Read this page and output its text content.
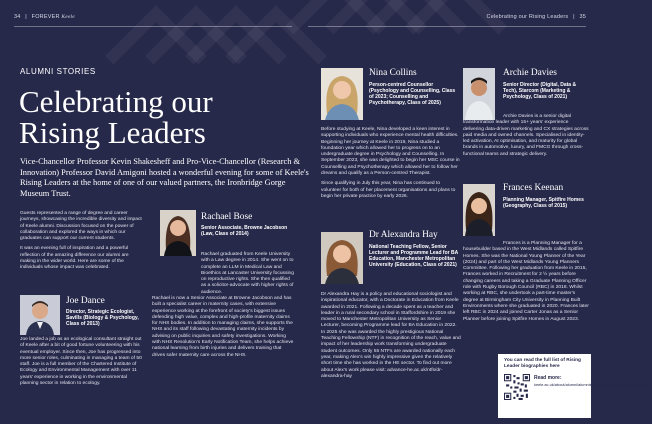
34 | FOREVER Keele	Celebrating our Rising Leaders | 35
ALUMNI STORIES
Celebrating our Rising Leaders
Vice-Chancellor Professor Kevin Shakesheff and Pro-Vice-Chancellor (Research & Innovation) Professor David Amigoni hosted a wonderful evening for some of Keele's Rising Leaders at the home of one of our valued partners, the Ironbridge Gorge Museum Trust.

Guests represented a range of degree and career journeys, showcasing the incredible diversity and impact of Keele alumni. Discussion focused on the power of collaboration and explored the ways in which our graduates can support our current students.

It was an evening full of inspiration and a powerful reflection of the amazing difference our alumni are making in the wider world. Here are some of the individuals whose impact was celebrated.

Joe Dance
Director, Strategic Ecologist, Savills (Biology & Psychology, Class of 2013)
Joe landed a job as an ecological consultant straight out of Keele after a bit of good fortune volunteering with his eventual employer. Since then, Joe has progressed into more senior roles, culminating in managing a team of 50 staff. Joe is a full member of the Chartered Institute of Ecology and Environmental Management with over 11 years' experience in working in the environmental planning sector in relation to ecology.
Rachael Bose
Senior Associate, Browne Jacobson (Law, Class of 2014)
Rachael graduated from Keele University with a Law degree in 2014. She went on to complete an LLM in Medical Law and Bioethics at Lancaster University focussing on reproductive rights. She then qualified as a solicitor-advocate with higher rights of audience.
Rachael is now a Senior Associate at Browne Jacobson and has built a specialist career in maternity cases, with extensive experience working at the forefront of society's biggest issues defending high value, complex and high-profile maternity claims for NHS bodies. In addition to managing claims, she supports the NHS and its staff following devastating maternity incidents by advising on public inquiries and safety investigations. Working with NHS Resolution's Early Notification Team, she helps achieve national learning from birth injuries and delivers training that drives safer maternity care across the NHS.
Nina Collins
Person-centred Counsellor (Psychology and Counselling, Class of 2023; Counselling and Psychotherapy, Class of 2025)

Before studying at Keele, Nina developed a keen interest in supporting individuals who experience mental health difficulties. Beginning her journey at Keele in 2019, Nina studied a foundation year which allowed her to progress on to an undergraduate degree in Psychology and Counselling. In September 2023, she was delighted to begin her MSC course in Counselling and Psychotherapy which allowed her to follow her dreams and qualify as a Person-centred Therapist.

Since qualifying in July this year, Nina has continued to volunteer for both of her placement organisations and plans to begin her private practice by early 2026.

Dr Alexandra Hay
National Teaching Fellow, Senior Lecturer and Programme Lead for BA Education, Manchester Metropolitan University (Education, Class of 2021)
Dr Alexandra Hay is a policy and educational sociologist and inspirational educator, with a Doctorate in Education from Keele awarded in 2021. Following a decade spent as a teacher and leader in a rural secondary school in Staffordshire in 2019 she moved to Manchester Metropolitan University as Senior Lecturer, becoming Programme lead for BA Education in 2022. In 2025 she was awarded the highly prestigious National Teaching Fellowship (NTF) in recognition of the reach, value and impact of her leadership work transforming undergraduate student outcomes. Only 55 NTFs are awarded nationally each year, making Alex's win highly impressive given the relatively short time she has worked in the HE sector. To find out more about Alex's work please visit: advance-he.ac.uk/ntfs/dr-alexandra-hay
Archie Davies
Senior Director (Digital, Data & Tech), Starcom (Marketing & Psychology, Class of 2021)
Archie Davies is a senior digital transformation leader with 15+ years' experience delivering data-driven marketing and CX strategies across paid media and owned channels. Specialised in identity-led activation, AI optimisation, and maturity for global brands in automotive, luxury, and FMCG through cross-functional teams and strategic delivery.
Frances Keenan
Planning Manager, Spitfire Homes (Geography, Class of 2015)
Frances is a Planning Manager for a housebuilder based in the West Midlands called Spitfire Homes. She was the National Young Planner of the Year (2024) and part of the West Midlands Young Planners Committee. Following her graduation from Keele in 2015, Frances worked in Recruitment for 2 ½ years before changing careers and taking a Graduate Planning Officer role with Rugby Borough Council (RBC) in 2018. Whilst working at RBC, she undertook a part-time master's degree at Birmingham City University in Planning Built Environments where she graduated in 2020. Frances later left RBC in 2024 and joined Carter Jonas as a Senior Planner before joining Spitfire Homes in August 2023.
You can read the full list of Rising Leader biographies here
Read more:
keele.ac.uk/about/alumni/alumnistories/ourpeople/risingleaders2025/
